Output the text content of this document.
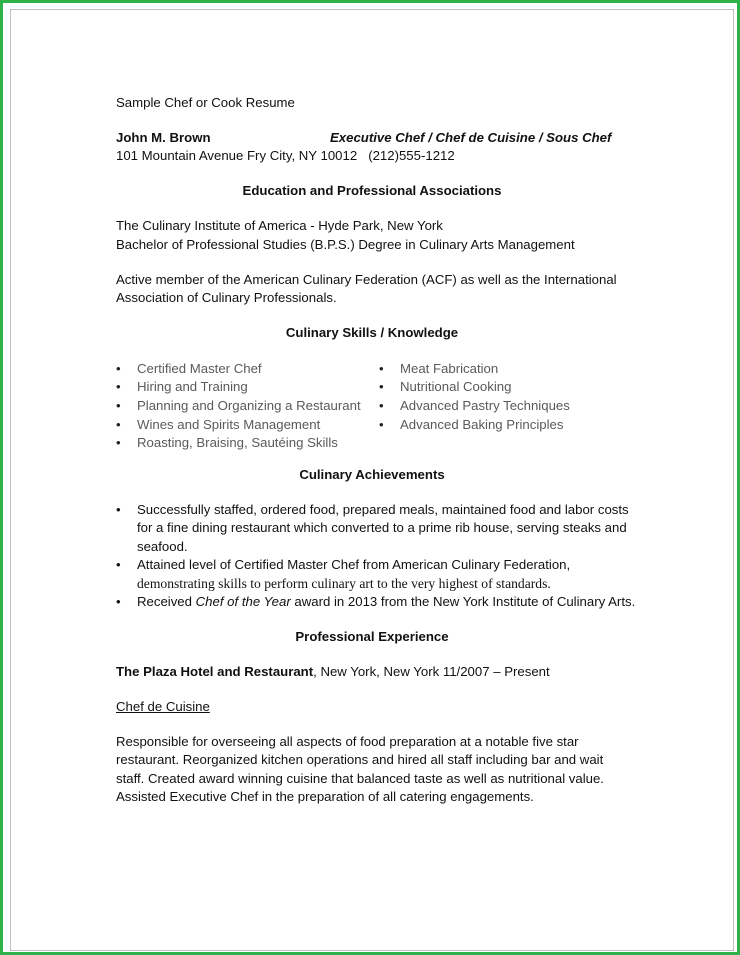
Sample Chef or Cook Resume
John M. Brown	Executive Chef / Chef de Cuisine / Sous Chef
101 Mountain Avenue Fry City, NY 10012 (212)555-1212
Education and Professional Associations
The Culinary Institute of America - Hyde Park, New York
Bachelor of Professional Studies (B.P.S.) Degree in Culinary Arts Management
Active member of the American Culinary Federation (ACF) as well as the International
Association of Culinary Professionals.
Culinary Skills / Knowledge
• Certified Master Chef
• Hiring and Training
• Planning and Organizing a Restaurant
• Wines and Spirits Management
• Roasting, Braising, Sautéing Skills
• Meat Fabrication
• Nutritional Cooking
• Advanced Pastry Techniques
• Advanced Baking Principles
Culinary Achievements
• Successfully staffed, ordered food, prepared meals, maintained food and labor costs
for a fine dining restaurant which converted to a prime rib house, serving steaks and
seafood.
• Attained level of Certified Master Chef from American Culinary Federation,
demonstrating skills to perform culinary art to the very highest of standards.
• Received Chef of the Year award in 2013 from the New York Institute of Culinary Arts.
Professional Experience
The Plaza Hotel and Restaurant, New York, New York 11/2007 – Present
Chef de Cuisine
Responsible for overseeing all aspects of food preparation at a notable five star
restaurant. Reorganized kitchen operations and hired all staff including bar and wait
staff. Created award winning cuisine that balanced taste as well as nutritional value.
Assisted Executive Chef in the preparation of all catering engagements.
